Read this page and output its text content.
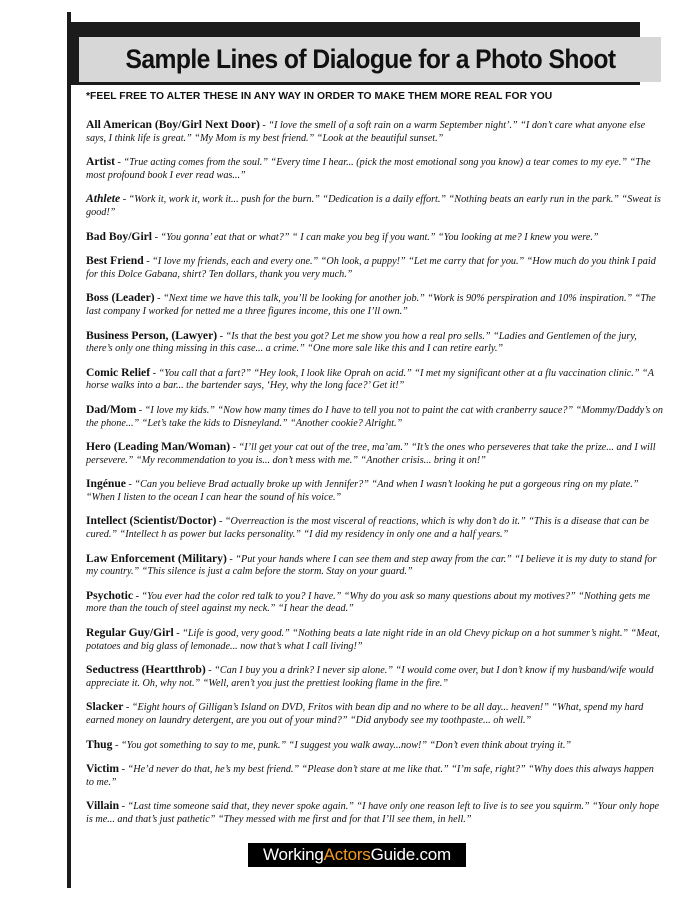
Sample Lines of Dialogue for a Photo Shoot
*FEEL FREE TO ALTER THESE IN ANY WAY IN ORDER TO MAKE THEM MORE REAL FOR YOU
All American (Boy/Girl Next Door) - “I love the smell of a soft rain on a warm September night’.” “I don’t care what anyone else says, I think life is great.” “My Mom is my best friend.” “Look at the beautiful sunset.”
Artist - “True acting comes from the soul.” “Every time I hear... (pick the most emotional song you know) a tear comes to my eye.” “The most profound book I ever read was...”
Athlete - “Work it, work it, work it... push for the burn.” “Dedication is a daily effort.” “Nothing beats an early run in the park.” “Sweat is good!”
Bad Boy/Girl - “You gonna’ eat that or what?” “ I can make you beg if you want.” “You looking at me? I knew you were.”
Best Friend - “I love my friends, each and every one.” “Oh look, a puppy!” “Let me carry that for you.” “How much do you think I paid for this Dolce Gabana, shirt? Ten dollars, thank you very much.”
Boss (Leader) - “Next time we have this talk, you’ll be looking for another job.” “Work is 90% perspiration and 10% inspiration.” “The last company I worked for netted me a three figures income, this one I’ll own.”
Business Person, (Lawyer) - “Is that the best you got? Let me show you how a real pro sells.” “Ladies and Gentlemen of the jury, there’s only one thing missing in this case... a crime.” “One more sale like this and I can retire early.”
Comic Relief - “You call that a fart?” “Hey look, I look like Oprah on acid.” “I met my significant other at a flu vaccination clinic.” “A horse walks into a bar... the bartender says, ‘Hey, why the long face?’ Get it!”
Dad/Mom - “I love my kids.” “Now how many times do I have to tell you not to paint the cat with cranberry sauce?” “Mommy/Daddy’s on the phone...” “Let’s take the kids to Disneyland.” “Another cookie? Alright.”
Hero (Leading Man/Woman) - “I’ll get your cat out of the tree, ma’am.” “It’s the ones who perseveres that take the prize... and I will persevere.” “My recommendation to you is... don’t mess with me.” “Another crisis... bring it on!”
Ingénue - “Can you believe Brad actually broke up with Jennifer?” “And when I wasn’t looking he put a gorgeous ring on my plate.” “When I listen to the ocean I can hear the sound of his voice.”
Intellect (Scientist/Doctor) - “Overreaction is the most visceral of reactions, which is why don’t do it.” “This is a disease that can be cured.” “Intellect h as power but lacks personality.” “I did my residency in only one and a half years.”
Law Enforcement (Military) - “Put your hands where I can see them and step away from the car.” “I believe it is my duty to stand for my country.” “This silence is just a calm before the storm. Stay on your guard.”
Psychotic - “You ever had the color red talk to you? I have.” “Why do you ask so many questions about my motives?” “Nothing gets me more than the touch of steel against my neck.” “I hear the dead.”
Regular Guy/Girl - “Life is good, very good.” “Nothing beats a late night ride in an old Chevy pickup on a hot summer’s night.” “Meat, potatoes and big glass of lemonade... now that’s what I call living!”
Seductress (Heartthrob) - “Can I buy you a drink? I never sip alone.” “I would come over, but I don’t know if my husband/wife would appreciate it. Oh, why not.” “Well, aren’t you just the prettiest looking flame in the fire.”
Slacker - “Eight hours of Gilligan’s Island on DVD, Fritos with bean dip and no where to be all day... heaven!” “What, spend my hard earned money on laundry detergent, are you out of your mind?” “Did anybody see my toothpaste... oh well.”
Thug - “You got something to say to me, punk.” “I suggest you walk away...now!” “Don’t even think about trying it.”
Victim - “He’d never do that, he’s my best friend.” “Please don’t stare at me like that.” “I’m safe, right?” “Why does this always happen to me.”
Villain - “Last time someone said that, they never spoke again.” “I have only one reason left to live is to see you squirm.” “Your only hope is me... and that’s just pathetic” “They messed with me first and for that I’ll see them, in hell.”
Working Actors Guide.com
